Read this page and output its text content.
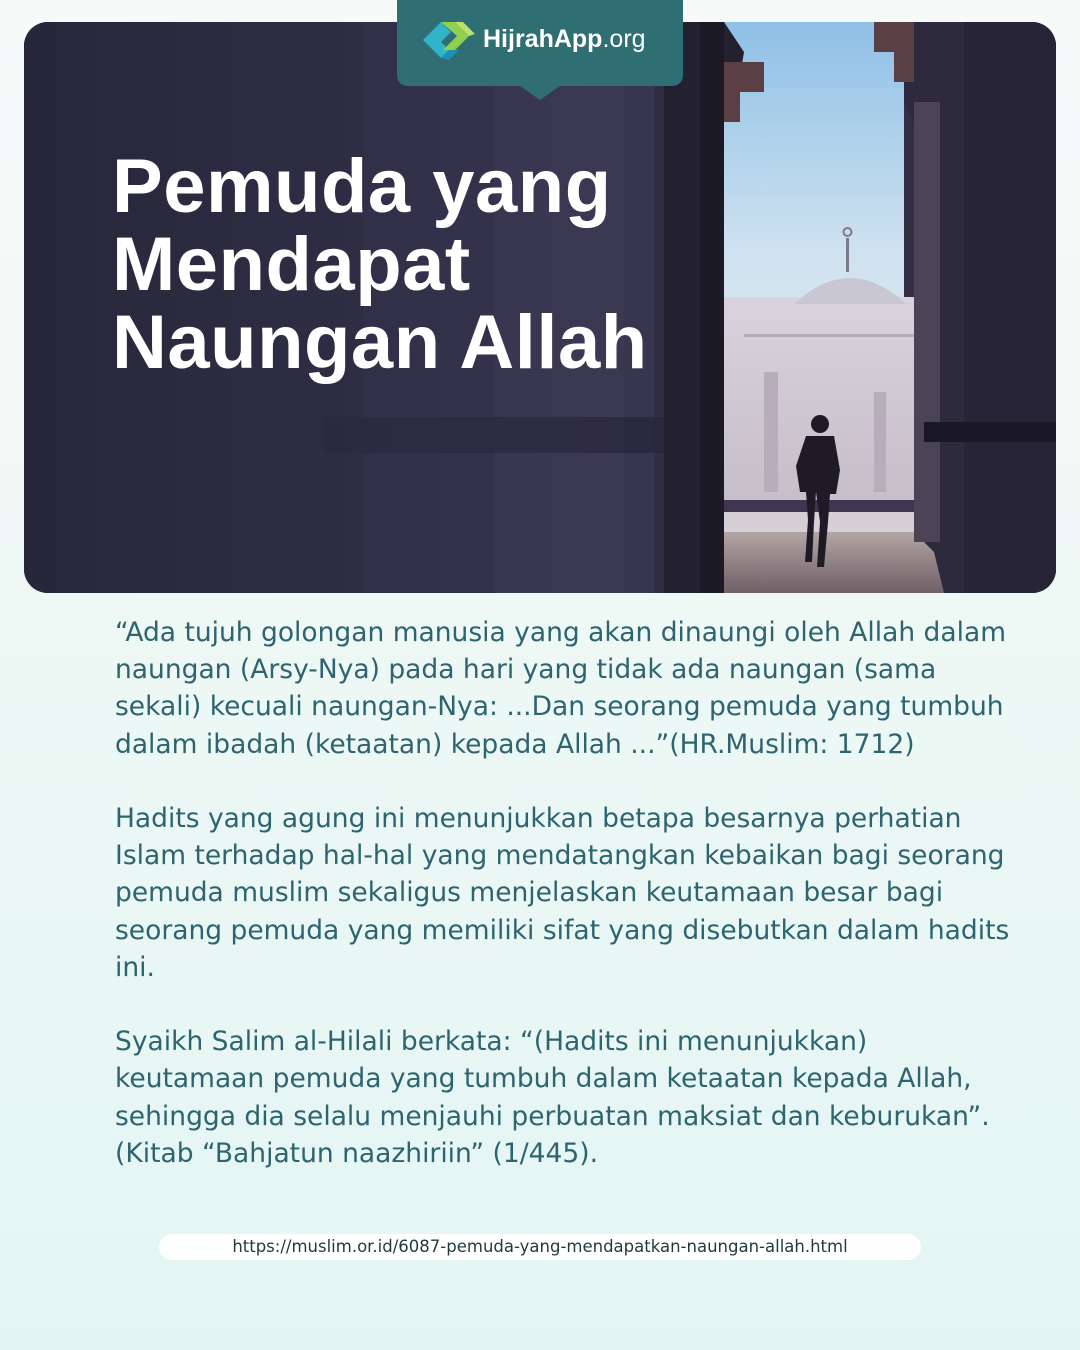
Pemuda yang Mendapat Naungan Allah
HijrahApp.org

“Ada tujuh golongan manusia yang akan dinaungi oleh Allah dalam naungan (Arsy-Nya) pada hari yang tidak ada naungan (sama sekali) kecuali naungan-Nya: ...Dan seorang pemuda yang tumbuh dalam ibadah (ketaatan) kepada Allah ...”(HR.Muslim: 1712)

Hadits yang agung ini menunjukkan betapa besarnya perhatian Islam terhadap hal-hal yang mendatangkan kebaikan bagi seorang pemuda muslim sekaligus menjelaskan keutamaan besar bagi seorang pemuda yang memiliki sifat yang disebutkan dalam hadits ini.

Syaikh Salim al-Hilali berkata: “(Hadits ini menunjukkan) keutamaan pemuda yang tumbuh dalam ketaatan kepada Allah, sehingga dia selalu menjauhi perbuatan maksiat dan keburukan”. (Kitab “Bahjatun naazhiriin” (1/445).

https://muslim.or.id/6087-pemuda-yang-mendapatkan-naungan-allah.html
